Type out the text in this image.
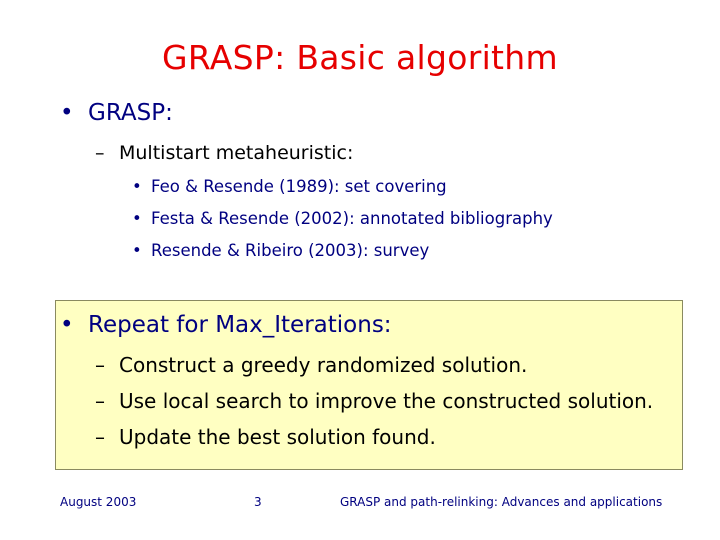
GRASP: Basic algorithm
• GRASP:
– Multistart metaheuristic:
• Feo & Resende (1989): set covering
• Festa & Resende (2002): annotated bibliography
• Resende & Ribeiro (2003): survey
• Repeat for Max_Iterations:
– Construct a greedy randomized solution.
– Use local search to improve the constructed solution.
– Update the best solution found.
August 2003	3	GRASP and path-relinking: Advances and applications
